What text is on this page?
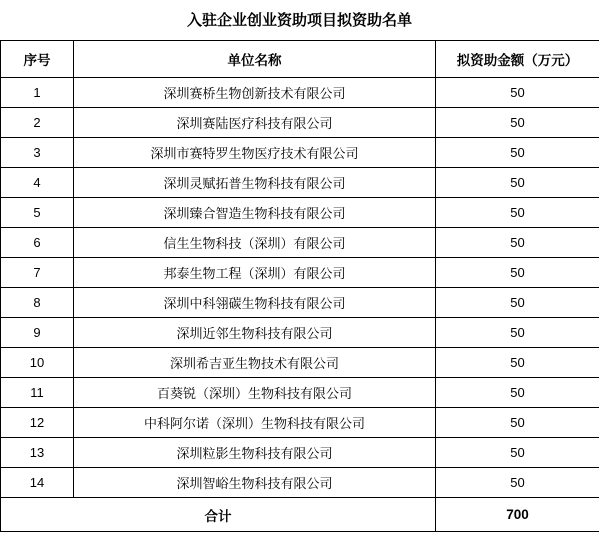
入驻企业创业资助项目拟资助名单
序号	单位名称	拟资助金额（万元）
1	深圳赛桥生物创新技术有限公司	50
2	深圳赛陆医疗科技有限公司	50
3	深圳市赛特罗生物医疗技术有限公司	50
4	深圳灵赋拓普生物科技有限公司	50
5	深圳臻合智造生物科技有限公司	50
6	信生生物科技（深圳）有限公司	50
7	邦泰生物工程（深圳）有限公司	50
8	深圳中科翎碳生物科技有限公司	50
9	深圳近邻生物科技有限公司	50
10	深圳希吉亚生物技术有限公司	50
11	百葵锐（深圳）生物科技有限公司	50
12	中科阿尔诺（深圳）生物科技有限公司	50
13	深圳粒影生物科技有限公司	50
14	深圳智峪生物科技有限公司	50
合计		700
